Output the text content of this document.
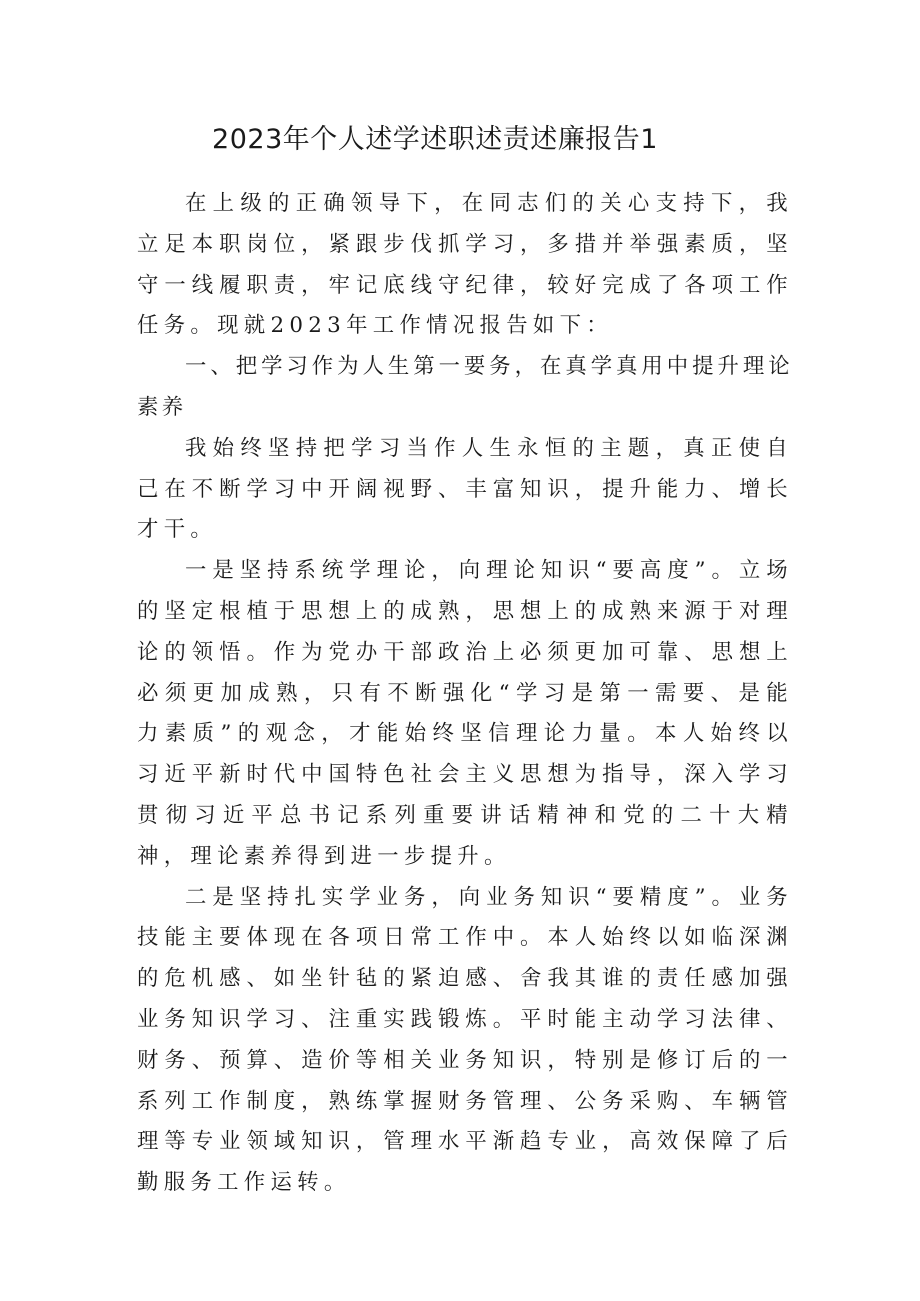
2023年个人述学述职述责述廉报告1

在上级的正确领导下，在同志们的关心支持下，我立足本职岗位，紧跟步伐抓学习，多措并举强素质，坚守一线履职责，牢记底线守纪律，较好完成了各项工作任务。现就2023年工作情况报告如下：

一、把学习作为人生第一要务，在真学真用中提升理论素养

我始终坚持把学习当作人生永恒的主题，真正使自己在不断学习中开阔视野、丰富知识，提升能力、增长才干。

一是坚持系统学理论，向理论知识“要高度”。立场的坚定根植于思想上的成熟，思想上的成熟来源于对理论的领悟。作为党办干部政治上必须更加可靠、思想上必须更加成熟，只有不断强化“学习是第一需要、是能力素质”的观念，才能始终坚信理论力量。本人始终以习近平新时代中国特色社会主义思想为指导，深入学习贯彻习近平总书记系列重要讲话精神和党的二十大精神，理论素养得到进一步提升。

二是坚持扎实学业务，向业务知识“要精度”。业务技能主要体现在各项日常工作中。本人始终以如临深渊的危机感、如坐针毡的紧迫感、舍我其谁的责任感加强业务知识学习、注重实践锻炼。平时能主动学习法律、财务、预算、造价等相关业务知识，特别是修订后的一系列工作制度，熟练掌握财务管理、公务采购、车辆管理等专业领域知识，管理水平渐趋专业，高效保障了后勤服务工作运转。
